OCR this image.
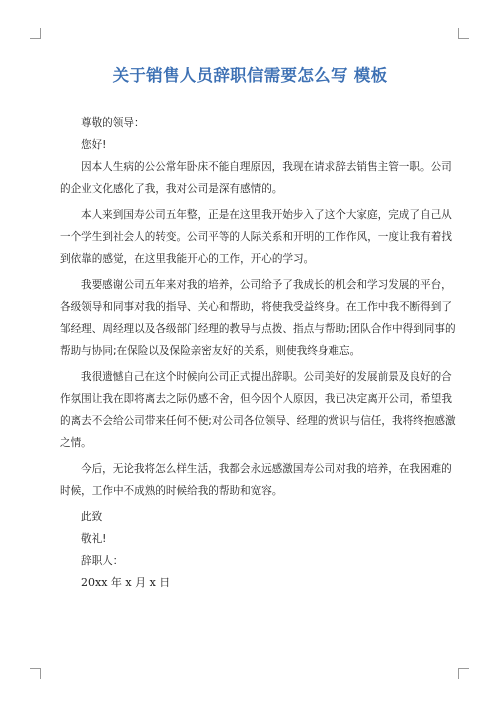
关于销售人员辞职信需要怎么写 模板
尊敬的领导：
您好!
因本人生病的公公常年卧床不能自理原因，我现在请求辞去销售主管一职。公司
的企业文化感化了我，我对公司是深有感情的。
本人来到国寿公司五年整，正是在这里我开始步入了这个大家庭，完成了自己从
一个学生到社会人的转变。公司平等的人际关系和开明的工作作风，一度让我有着找
到依靠的感觉，在这里我能开心的工作，开心的学习。
我要感谢公司五年来对我的培养，公司给予了我成长的机会和学习发展的平台，
各级领导和同事对我的指导、关心和帮助，将使我受益终身。在工作中我不断得到了
邹经理、周经理以及各级部门经理的教导与点拨、指点与帮助;团队合作中得到同事的
帮助与协同;在保险以及保险亲密友好的关系，则使我终身难忘。
我很遗憾自己在这个时候向公司正式提出辞职。公司美好的发展前景及良好的合
作氛围让我在即将离去之际仍感不舍，但今因个人原因，我已决定离开公司，希望我
的离去不会给公司带来任何不便;对公司各位领导、经理的赏识与信任，我将终抱感激
之情。
今后，无论我将怎么样生活，我都会永远感激国寿公司对我的培养，在我困难的
时候，工作中不成熟的时候给我的帮助和宽容。
此致
敬礼!
辞职人：
20xx 年 x 月 x 日
